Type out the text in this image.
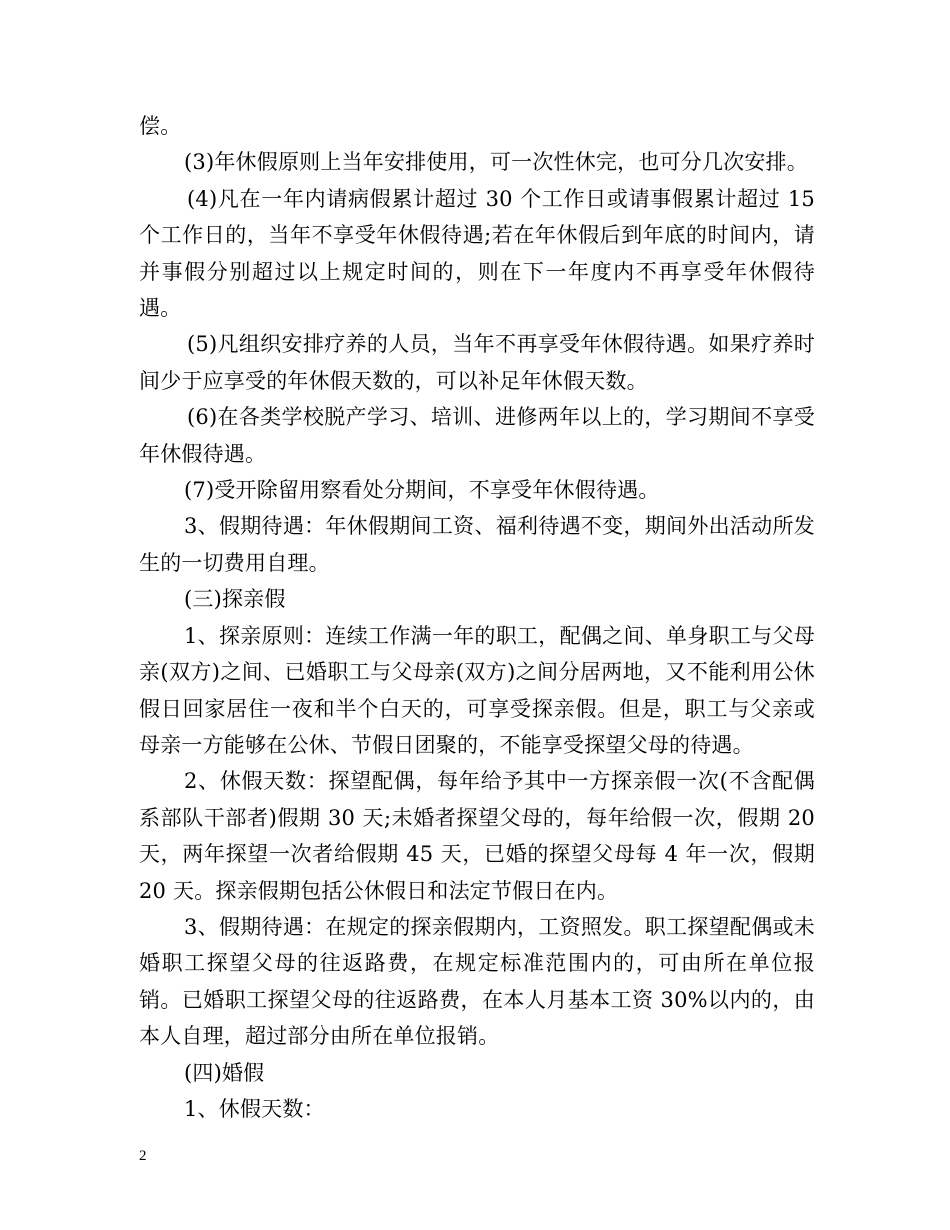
偿。

(3)年休假原则上当年安排使用，可一次性休完，也可分几次安排。

(4)凡在一年内请病假累计超过 30 个工作日或请事假累计超过 15 个工作日的，当年不享受年休假待遇;若在年休假后到年底的时间内，请并事假分别超过以上规定时间的，则在下一年度内不再享受年休假待遇。

(5)凡组织安排疗养的人员，当年不再享受年休假待遇。如果疗养时间少于应享受的年休假天数的，可以补足年休假天数。

(6)在各类学校脱产学习、培训、进修两年以上的，学习期间不享受年休假待遇。

(7)受开除留用察看处分期间，不享受年休假待遇。

3、假期待遇：年休假期间工资、福利待遇不变，期间外出活动所发生的一切费用自理。

(三)探亲假

1、探亲原则：连续工作满一年的职工，配偶之间、单身职工与父母亲(双方)之间、已婚职工与父母亲(双方)之间分居两地，又不能利用公休假日回家居住一夜和半个白天的，可享受探亲假。但是，职工与父亲或母亲一方能够在公休、节假日团聚的，不能享受探望父母的待遇。

2、休假天数：探望配偶，每年给予其中一方探亲假一次(不含配偶系部队干部者)假期 30 天;未婚者探望父母的，每年给假一次，假期 20 天，两年探望一次者给假期 45 天，已婚的探望父母每 4 年一次，假期 20 天。探亲假期包括公休假日和法定节假日在内。

3、假期待遇：在规定的探亲假期内，工资照发。职工探望配偶或未婚职工探望父母的往返路费，在规定标准范围内的，可由所在单位报销。已婚职工探望父母的往返路费，在本人月基本工资 30%以内的，由本人自理，超过部分由所在单位报销。

(四)婚假

1、休假天数：

2
